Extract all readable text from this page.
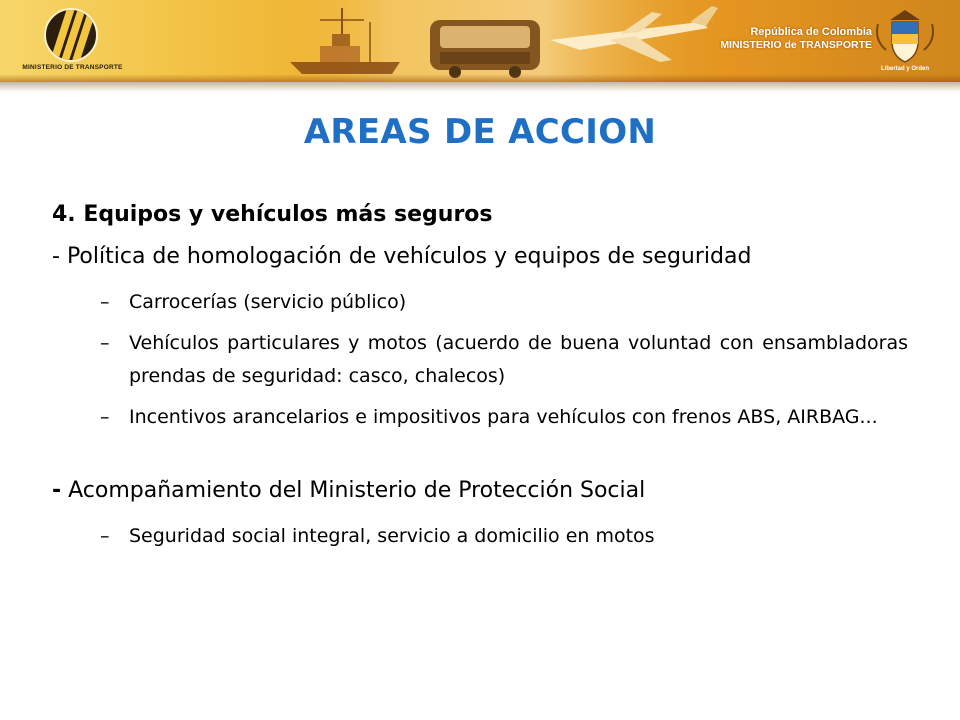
MINISTERIO DE TRANSPORTE
República de Colombia
MINISTERIO de TRANSPORTE
Libertad y Orden
AREAS DE ACCION

4. Equipos y vehículos más seguros

- Política de homologación de vehículos y equipos de seguridad

– Carrocerías (servicio público)
– Vehículos particulares y motos (acuerdo de buena voluntad con ensambladoras prendas de seguridad: casco, chalecos)
– Incentivos arancelarios e impositivos para vehículos con frenos ABS, AIRBAG...

- Acompañamiento del Ministerio de Protección Social

– Seguridad social integral, servicio a domicilio en motos
